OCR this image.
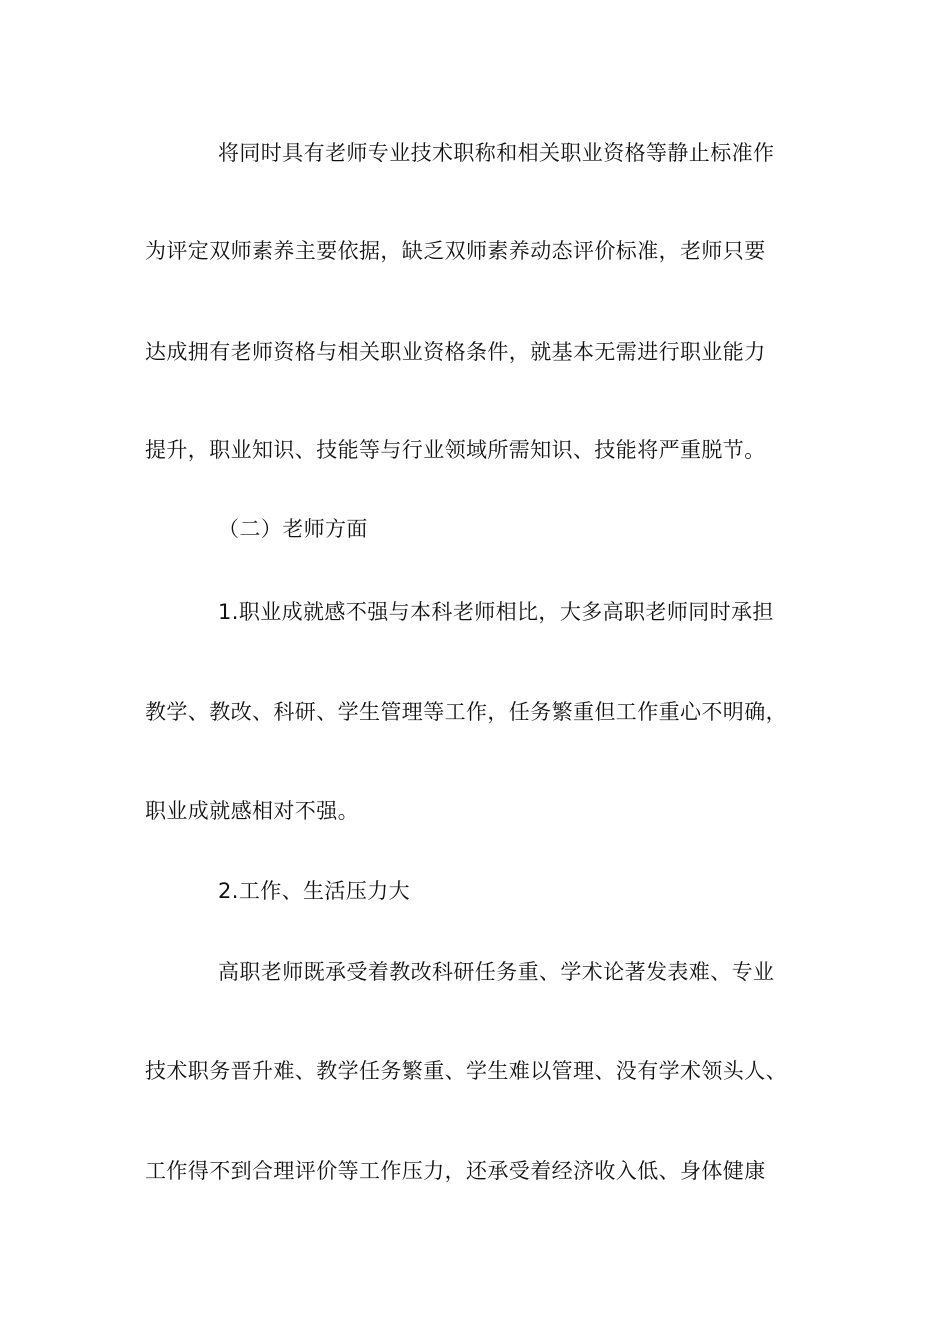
将同时具有老师专业技术职称和相关职业资格等静止标准作
为评定双师素养主要依据，缺乏双师素养动态评价标准，老师只要
达成拥有老师资格与相关职业资格条件，就基本无需进行职业能力
提升，职业知识、技能等与行业领域所需知识、技能将严重脱节。
（二）老师方面
1.职业成就感不强与本科老师相比，大多高职老师同时承担
教学、教改、科研、学生管理等工作，任务繁重但工作重心不明确，
职业成就感相对不强。
2.工作、生活压力大
高职老师既承受着教改科研任务重、学术论著发表难、专业
技术职务晋升难、教学任务繁重、学生难以管理、没有学术领头人、
工作得不到合理评价等工作压力，还承受着经济收入低、身体健康
